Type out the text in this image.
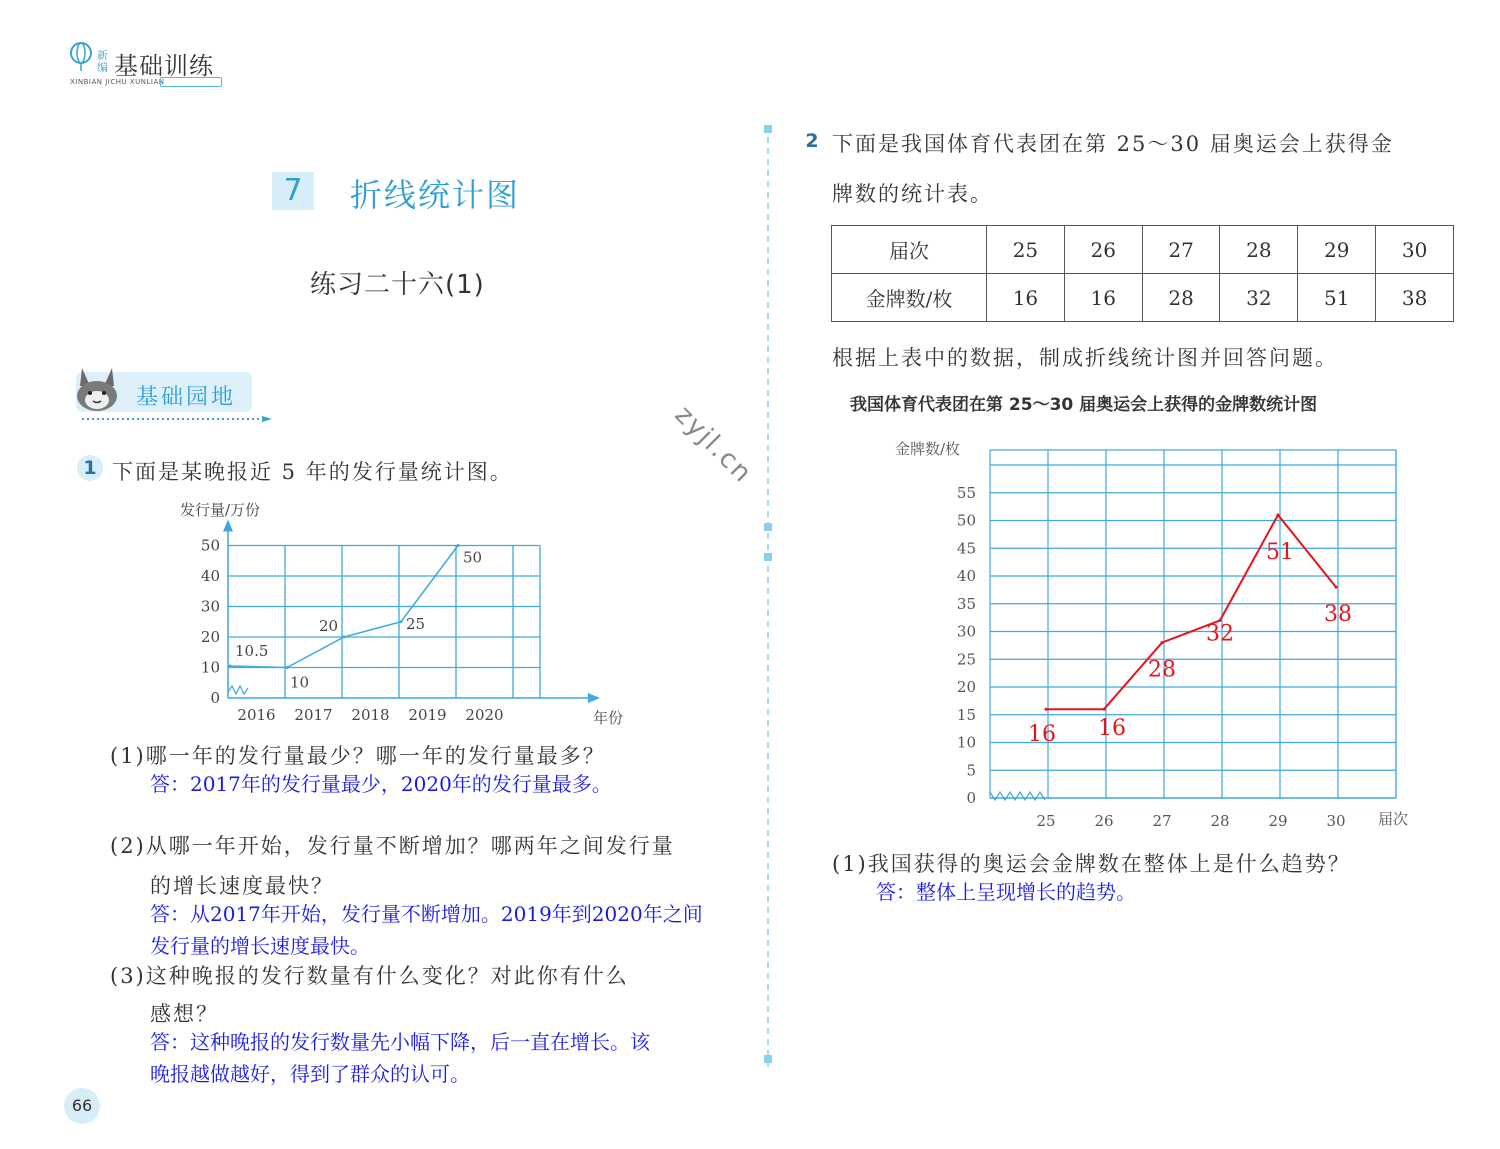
新编 基础训练
XINBIAN JICHU XUNLIAN
7	折线统计图
练习二十六(1)
基础园地
1 下面是某晚报近 5 年的发行量统计图。
0
10
20
30
40
50
2016 2017 2018 2019 2020
发行量/万份
年份
10.5
10
20	25
50
(1)哪一年的发行量最少？哪一年的发行量最多？
答：2017年的发行量最少，2020年的发行量最多。
(2)从哪一年开始，发行量不断增加？哪两年之间发行量
的增长速度最快？
答：从2017年开始，发行量不断增加。2019年到2020年之间
发行量的增长速度最快。
(3)这种晚报的发行数量有什么变化？对此你有什么
感想？
答：这种晚报的发行数量先小幅下降，后一直在增长。该
晚报越做越好，得到了群众的认可。
66
zyjl.cn
2 下面是我国体育代表团在第 25～30 届奥运会上获得金
牌数的统计表。
届次	25	26	27	28	29	30
金牌数/枚	16	16	28	32	51	38
根据上表中的数据，制成折线统计图并回答问题。
我国体育代表团在第 25～30 届奥运会上获得的金牌数统计图
0
5
10
15
20
25
30
35
40
45
50
55
25	26	27	28	29	30
金牌数/枚
届次
16 16
28
32
51
38
(1)我国获得的奥运会金牌数在整体上是什么趋势？
答：整体上呈现增长的趋势。
